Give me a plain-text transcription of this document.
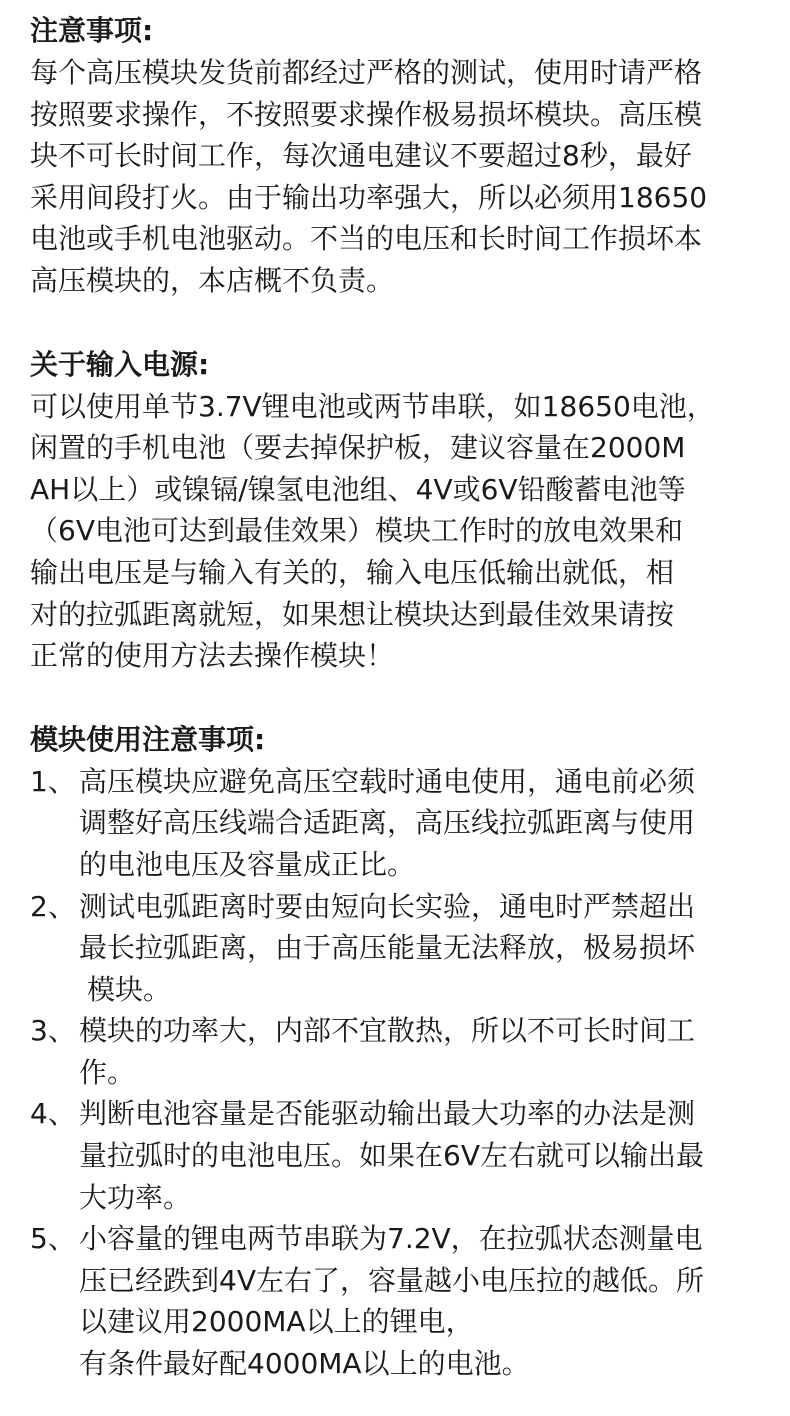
注意事项:
每个高压模块发货前都经过严格的测试，使用时请严格
按照要求操作，不按照要求操作极易损坏模块。高压模
块不可长时间工作，每次通电建议不要超过8秒，最好
采用间段打火。由于输出功率强大，所以必须用18650
电池或手机电池驱动。不当的电压和长时间工作损坏本
高压模块的，本店概不负责。
关于输入电源:
可以使用单节3.7V锂电池或两节串联，如18650电池，
闲置的手机电池（要去掉保护板，建议容量在2000M
AH以上）或镍镉/镍氢电池组、4V或6V铅酸蓄电池等
（6V电池可达到最佳效果）模块工作时的放电效果和
输出电压是与输入有关的，输入电压低输出就低，相
对的拉弧距离就短，如果想让模块达到最佳效果请按
正常的使用方法去操作模块！
模块使用注意事项:
1、 高压模块应避免高压空载时通电使用，通电前必须
调整好高压线端合适距离，高压线拉弧距离与使用
的电池电压及容量成正比。
2、 测试电弧距离时要由短向长实验，通电时严禁超出
最长拉弧距离，由于高压能量无法释放，极易损坏
模块。
3、 模块的功率大，内部不宜散热，所以不可长时间工
作。
4、 判断电池容量是否能驱动输出最大功率的办法是测
量拉弧时的电池电压。如果在6V左右就可以输出最
大功率。
5、 小容量的锂电两节串联为7.2V，在拉弧状态测量电
压已经跌到4V左右了，容量越小电压拉的越低。所
以建议用2000MA以上的锂电，
有条件最好配4000MA以上的电池。
